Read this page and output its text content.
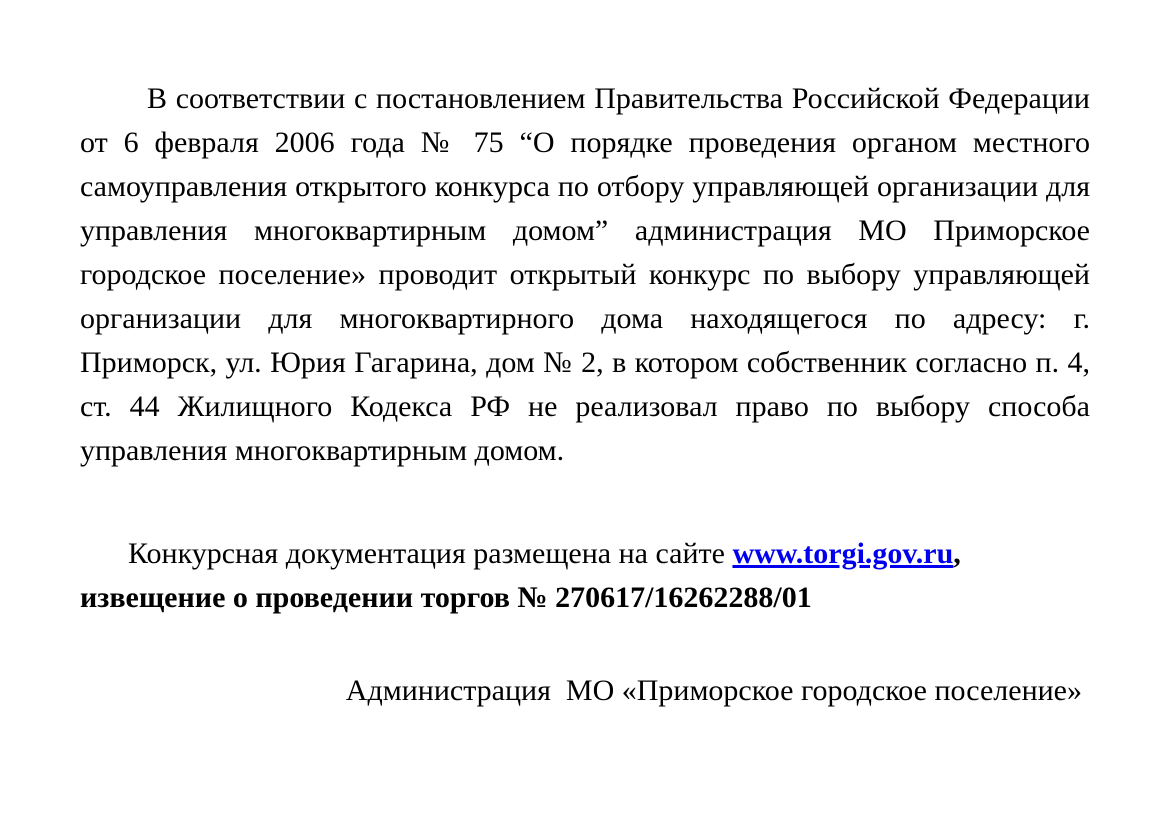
В соответствии с постановлением Правительства Российской Федерации от 6 февраля 2006 года № 75 “О порядке проведения органом местного самоуправления открытого конкурса по отбору управляющей организации для управления многоквартирным домом” администрация МО Приморское городское поселение» проводит открытый конкурс по выбору управляющей организации для многоквартирного дома находящегося по адресу: г. Приморск, ул. Юрия Гагарина, дом № 2, в котором собственник согласно п. 4, ст. 44 Жилищного Кодекса РФ не реализовал право по выбору способа управления многоквартирным домом.

Конкурсная документация размещена на сайте www.torgi.gov.ru,
извещение о проведении торгов № 270617/16262288/01
Администрация  МО «Приморское городское поселение»
